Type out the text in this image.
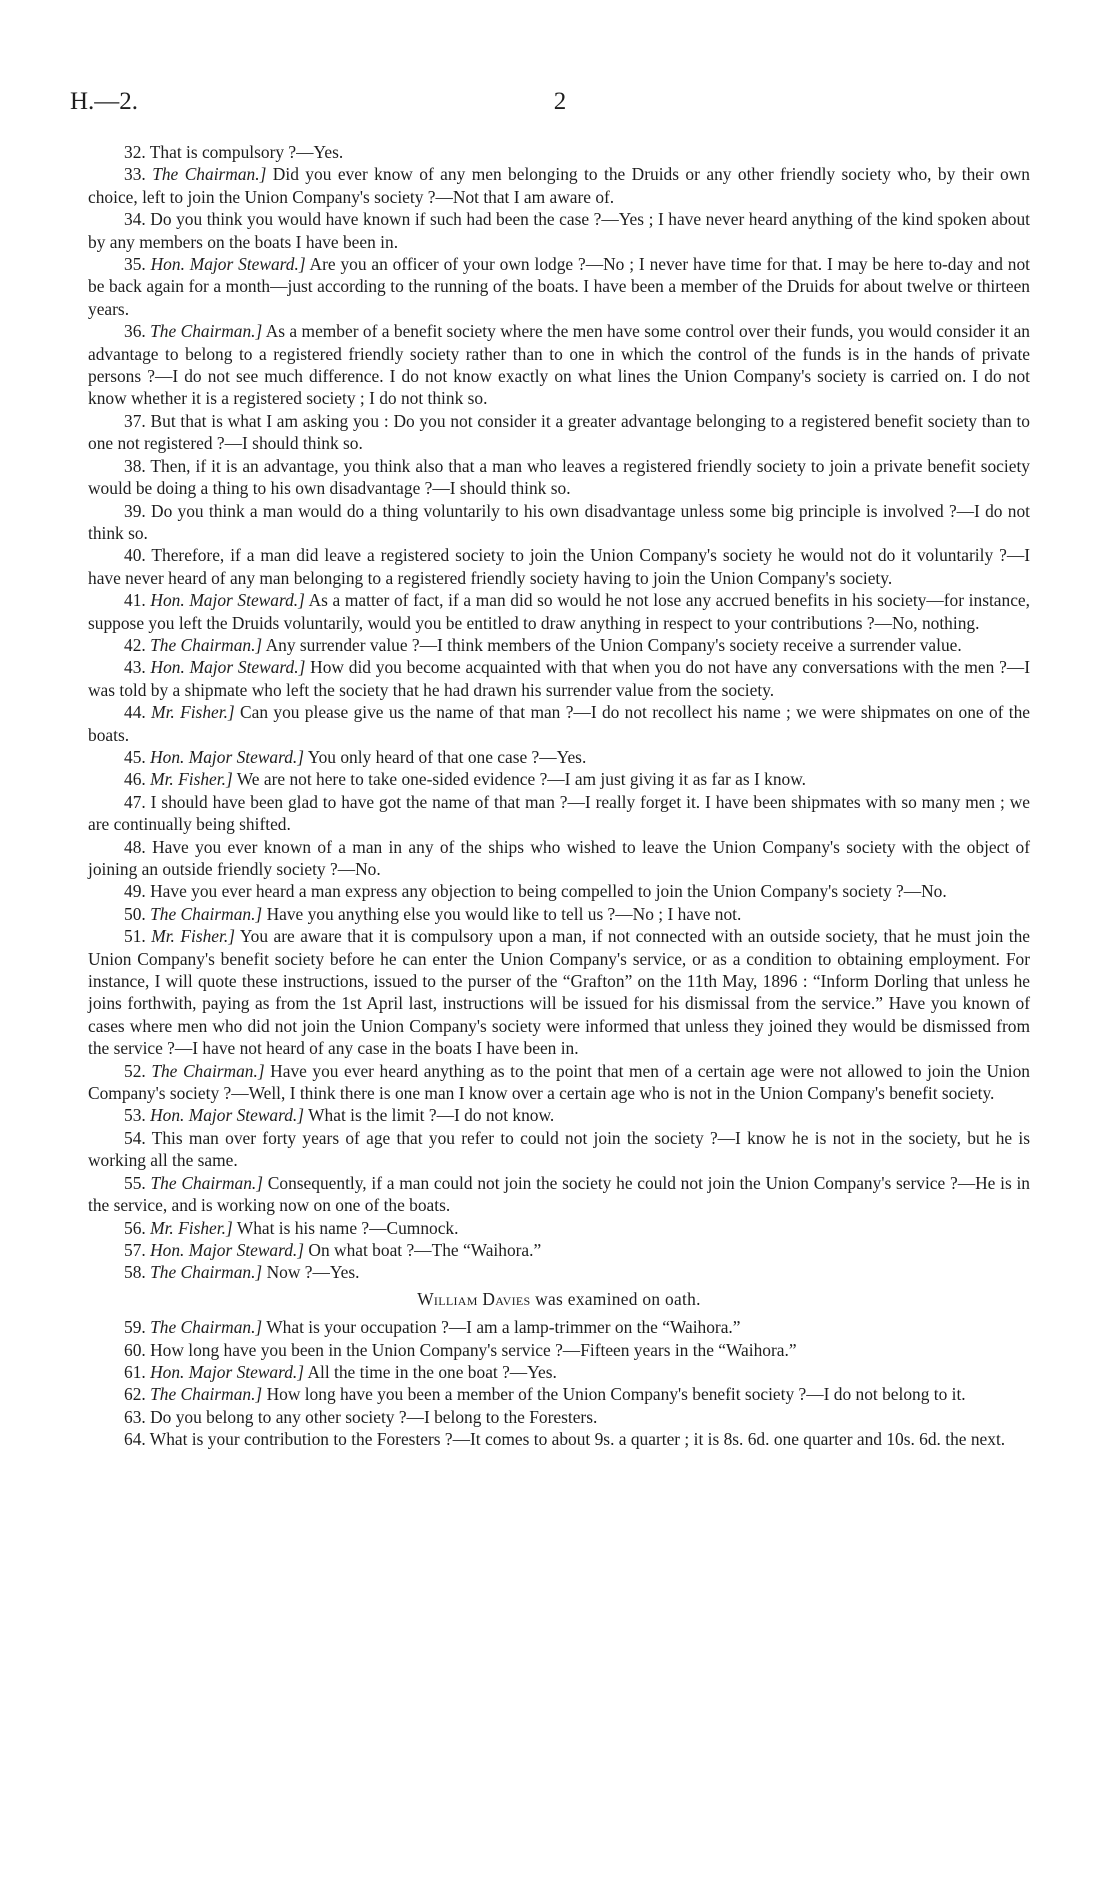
H.—2.	2

32. That is compulsory ?—Yes.

33. The Chairman.] Did you ever know of any men belonging to the Druids or any other friendly society who, by their own choice, left to join the Union Company's society ?—Not that I am aware of.

34. Do you think you would have known if such had been the case ?—Yes ; I have never heard anything of the kind spoken about by any members on the boats I have been in.

35. Hon. Major Steward.] Are you an officer of your own lodge ?—No ; I never have time for that. I may be here to-day and not be back again for a month—just according to the running of the boats. I have been a member of the Druids for about twelve or thirteen years.

36. The Chairman.] As a member of a benefit society where the men have some control over their funds, you would consider it an advantage to belong to a registered friendly society rather than to one in which the control of the funds is in the hands of private persons ?—I do not see much difference. I do not know exactly on what lines the Union Company's society is carried on. I do not know whether it is a registered society ; I do not think so.

37. But that is what I am asking you : Do you not consider it a greater advantage belonging to a registered benefit society than to one not registered ?—I should think so.

38. Then, if it is an advantage, you think also that a man who leaves a registered friendly society to join a private benefit society would be doing a thing to his own disadvantage ?—I should think so.

39. Do you think a man would do a thing voluntarily to his own disadvantage unless some big principle is involved ?—I do not think so.

40. Therefore, if a man did leave a registered society to join the Union Company's society he would not do it voluntarily ?—I have never heard of any man belonging to a registered friendly society having to join the Union Company's society.

41. Hon. Major Steward.] As a matter of fact, if a man did so would he not lose any accrued benefits in his society—for instance, suppose you left the Druids voluntarily, would you be entitled to draw anything in respect to your contributions ?—No, nothing.

42. The Chairman.] Any surrender value ?—I think members of the Union Company's society receive a surrender value.

43. Hon. Major Steward.] How did you become acquainted with that when you do not have any conversations with the men ?—I was told by a shipmate who left the society that he had drawn his surrender value from the society.

44. Mr. Fisher.] Can you please give us the name of that man ?—I do not recollect his name ; we were shipmates on one of the boats.

45. Hon. Major Steward.] You only heard of that one case ?—Yes.

46. Mr. Fisher.] We are not here to take one-sided evidence ?—I am just giving it as far as I know.

47. I should have been glad to have got the name of that man ?—I really forget it. I have been shipmates with so many men ; we are continually being shifted.

48. Have you ever known of a man in any of the ships who wished to leave the Union Company's society with the object of joining an outside friendly society ?—No.

49. Have you ever heard a man express any objection to being compelled to join the Union Company's society ?—No.

50. The Chairman.] Have you anything else you would like to tell us ?—No ; I have not.

51. Mr. Fisher.] You are aware that it is compulsory upon a man, if not connected with an outside society, that he must join the Union Company's benefit society before he can enter the Union Company's service, or as a condition to obtaining employment. For instance, I will quote these instructions, issued to the purser of the “Grafton” on the 11th May, 1896 : “Inform Dorling that unless he joins forthwith, paying as from the 1st April last, instructions will be issued for his dismissal from the service.” Have you known of cases where men who did not join the Union Company's society were informed that unless they joined they would be dismissed from the service ?—I have not heard of any case in the boats I have been in.

52. The Chairman.] Have you ever heard anything as to the point that men of a certain age were not allowed to join the Union Company's society ?—Well, I think there is one man I know over a certain age who is not in the Union Company's benefit society.

53. Hon. Major Steward.] What is the limit ?—I do not know.

54. This man over forty years of age that you refer to could not join the society ?—I know he is not in the society, but he is working all the same.

55. The Chairman.] Consequently, if a man could not join the society he could not join the Union Company's service ?—He is in the service, and is working now on one of the boats.

56. Mr. Fisher.] What is his name ?—Cumnock.

57. Hon. Major Steward.] On what boat ?—The “Waihora.”

58. The Chairman.] Now ?—Yes.

William Davies was examined on oath.

59. The Chairman.] What is your occupation ?—I am a lamp-trimmer on the “Waihora.”

60. How long have you been in the Union Company's service ?—Fifteen years in the “Waihora.”

61. Hon. Major Steward.] All the time in the one boat ?—Yes.

62. The Chairman.] How long have you been a member of the Union Company's benefit society ?—I do not belong to it.

63. Do you belong to any other society ?—I belong to the Foresters.

64. What is your contribution to the Foresters ?—It comes to about 9s. a quarter ; it is 8s. 6d. one quarter and 10s. 6d. the next.
